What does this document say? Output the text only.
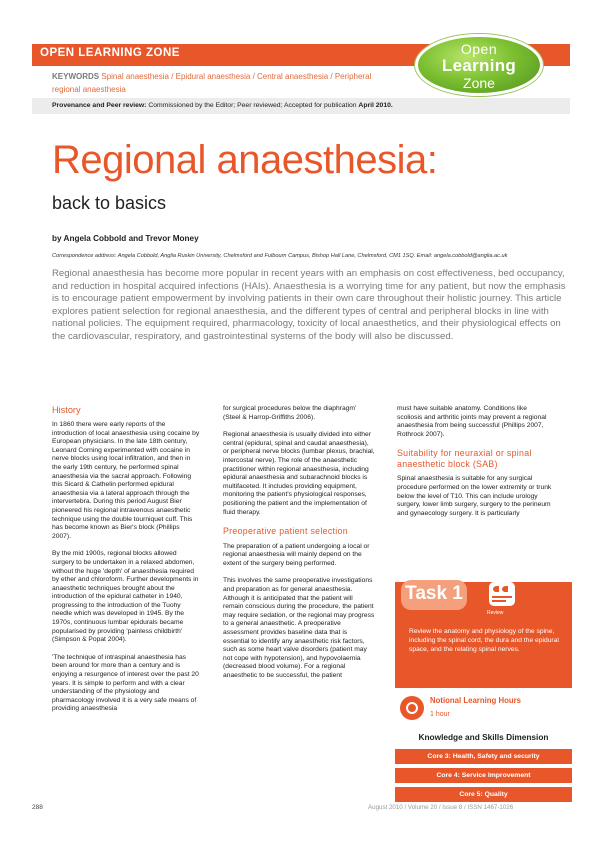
OPEN LEARNING ZONE	Open
Learning
Zone
KEYWORDS Spinal anaesthesia / Epidural anaesthesia / Central anaesthesia / Peripheral regional anaesthesia
Provenance and Peer review: Commissioned by the Editor; Peer reviewed; Accepted for publication April 2010.
Regional anaesthesia:
back to basics
by Angela Cobbold and Trevor Money
Correspondence address: Angela Cobbold, Anglia Ruskin University, Chelmsford and Fulbourn Campus, Bishop Hall Lane, Chelmsford, CM1 1SQ. Email: angela.cobbold@anglia.ac.uk
Regional anaesthesia has become more popular in recent years with an emphasis on cost effectiveness, bed occupancy, and reduction in hospital acquired infections (HAIs). Anaesthesia is a worrying time for any patient, but now the emphasis is to encourage patient empowerment by involving patients in their own care throughout their holistic journey. This article explores patient selection for regional anaesthesia, and the different types of central and peripheral blocks in line with national policies. The equipment required, pharmacology, toxicity of local anaesthetics, and their physiological effects on the cardiovascular, respiratory, and gastrointestinal systems of the body will also be discussed.
History

In 1860 there were early reports of the introduction of local anaesthesia using cocaine by European physicians. In the late 18th century, Leonard Corning experimented with cocaine in nerve blocks using local infiltration, and then in the early 19th century, he performed spinal anaesthesia via the sacral approach. Following this Sicard & Cathelin performed epidural anaesthesia via a lateral approach through the intervertebra. During this period August Bier pioneered his regional intravenous anaesthetic technique using the double tourniquet cuff. This has become known as Bier's block (Phillips 2007).

By the mid 1900s, regional blocks allowed surgery to be undertaken in a relaxed abdomen, without the huge 'depth' of anaesthesia required by ether and chloroform. Further developments in anaesthetic techniques brought about the introduction of the epidural catheter in 1940, progressing to the introduction of the Tuohy needle which was developed in 1945. By the 1970s, continuous lumbar epidurals became popularised by providing 'painless childbirth' (Simpson & Popat 2004).

'The technique of intraspinal anaesthesia has been around for more than a century and is enjoying a resurgence of interest over the past 20 years. It is simple to perform and with a clear understanding of the physiology and pharmacology involved it is a very safe means of providing anaesthesia

for surgical procedures below the diaphragm' (Steel & Harrop-Griffiths 2006).

Regional anaesthesia is usually divided into either central (epidural, spinal and caudal anaesthesia), or peripheral nerve blocks (lumbar plexus, brachial, intercostal nerve). The role of the anaesthetic practitioner within regional anaesthesia, including epidural anaesthesia and subarachnoid blocks is multifaceted. It includes providing equipment, monitoring the patient's physiological responses, positioning the patient and the implementation of fluid therapy.

Preoperative patient selection

The preparation of a patient undergoing a local or regional anaesthesia will mainly depend on the extent of the surgery being performed.

This involves the same preoperative investigations and preparation as for general anaesthesia. Although it is anticipated that the patient will remain conscious during the procedure, the patient may require sedation, or the regional may progress to a general anaesthetic. A preoperative assessment provides baseline data that is essential to identify any anaesthetic risk factors, such as some heart valve disorders (patient may not cope with hypotension), and hypovolaemia (decreased blood volume). For a regional anaesthetic to be successful, the patient

must have suitable anatomy. Conditions like scoliosis and arthritic joints may prevent a regional anaesthesia from being successful (Phillips 2007, Rothrock 2007).

Suitability for neuraxial or spinal anaesthetic block (SAB)

Spinal anaesthesia is suitable for any surgical procedure performed on the lower extremity or trunk below the level of T10. This can include urology surgery, lower limb surgery, surgery to the perineum and gynaecology surgery. It is particularly

Task 1
Review
Review the anatomy and physiology of the spine, including the spinal cord, the dura and the epidural space, and the relating spinal nerves.
Notional Learning Hours
1 hour
Knowledge and Skills Dimension
Core 3: Health, Safety and security
Core 4: Service Improvement
Core 5: Quality
288	August 2010 / Volume 20 / Issue 8 / ISSN 1467-1026
